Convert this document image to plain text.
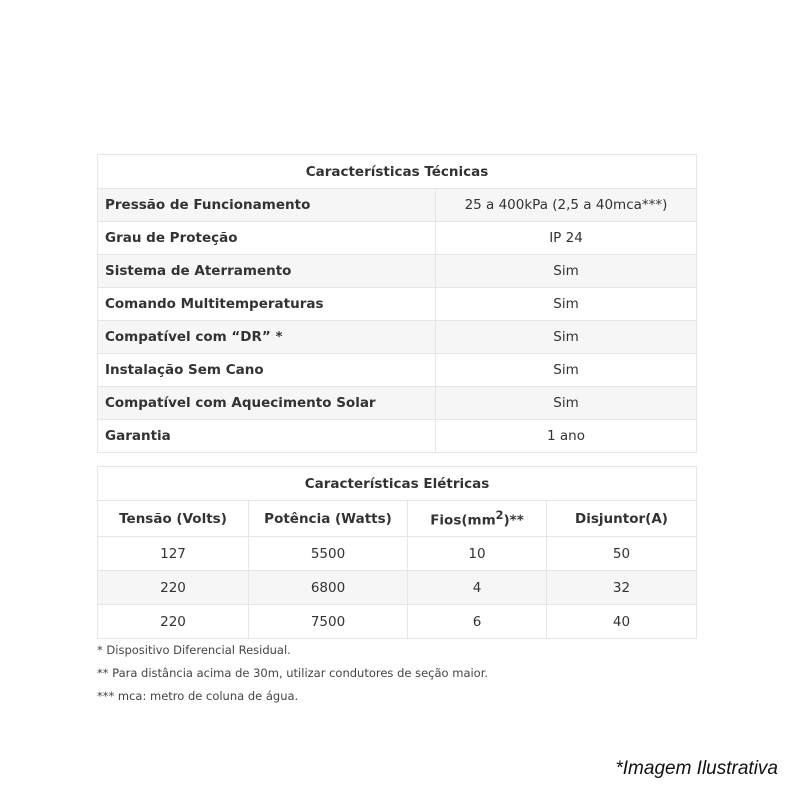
Características Técnicas	
Pressão de Funcionamento	25 a 400kPa (2,5 a 40mca***)
Grau de Proteção	IP 24
Sistema de Aterramento	Sim
Comando Multitemperaturas	Sim
Compatível com “DR” *	Sim
Instalação Sem Cano	Sim
Compatível com Aquecimento Solar	Sim
Garantia	1 ano
Características Elétricas			
Tensão (Volts)	Potência (Watts)	$Fios(mm^2)**$	Disjuntor(A)
127	5500	10	50
220	6800	4	32
220	7500	6	40
* Dispositivo Diferencial Residual.
** Para distância acima de 30m, utilizar condutores de seção maior.
*** mca: metro de coluna de água.
*Imagem Ilustrativa
